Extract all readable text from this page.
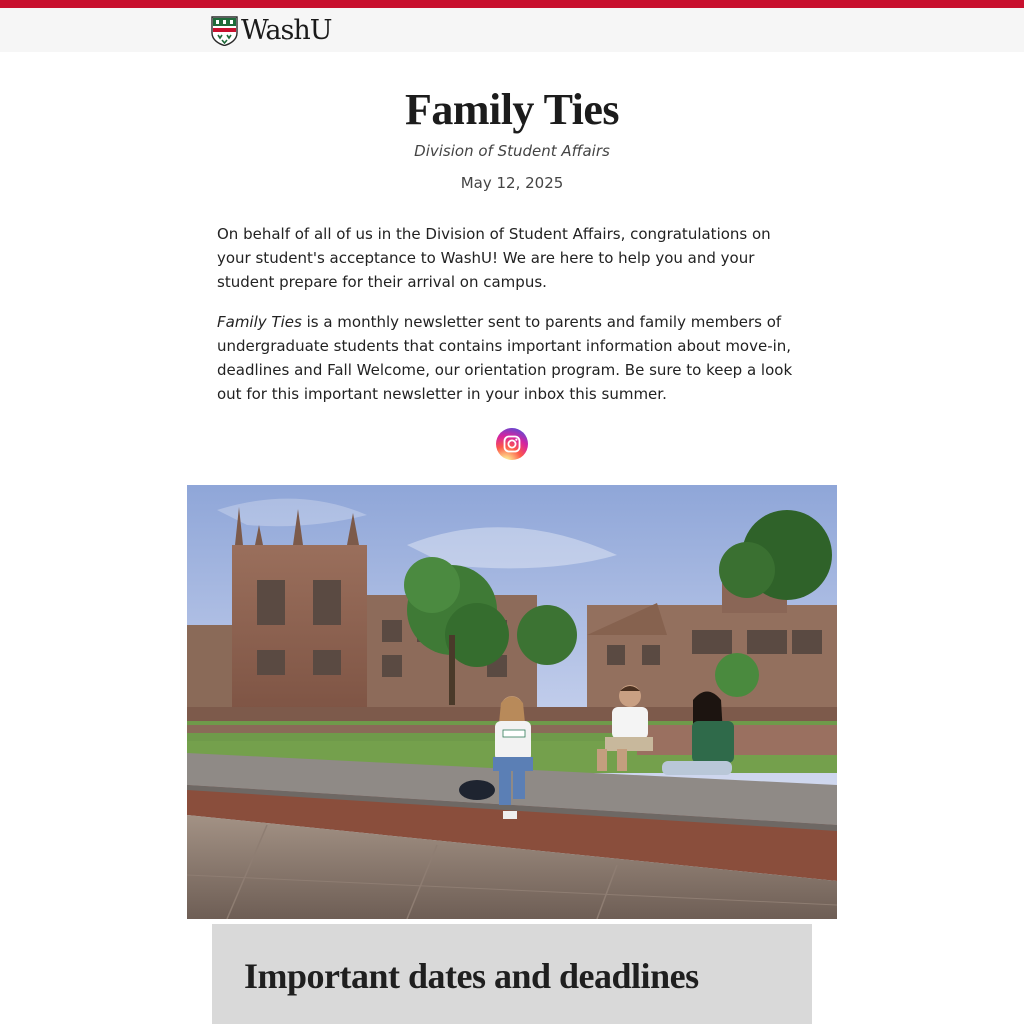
WashU
Family Ties
Division of Student Affairs
May 12, 2025

On behalf of all of us in the Division of Student Affairs, congratulations on your student's acceptance to WashU! We are here to help you and your student prepare for their arrival on campus.

Family Ties is a monthly newsletter sent to parents and family members of undergraduate students that contains important information about move-in, deadlines and Fall Welcome, our orientation program. Be sure to keep a look out for this important newsletter in your inbox this summer.

Important dates and deadlines
